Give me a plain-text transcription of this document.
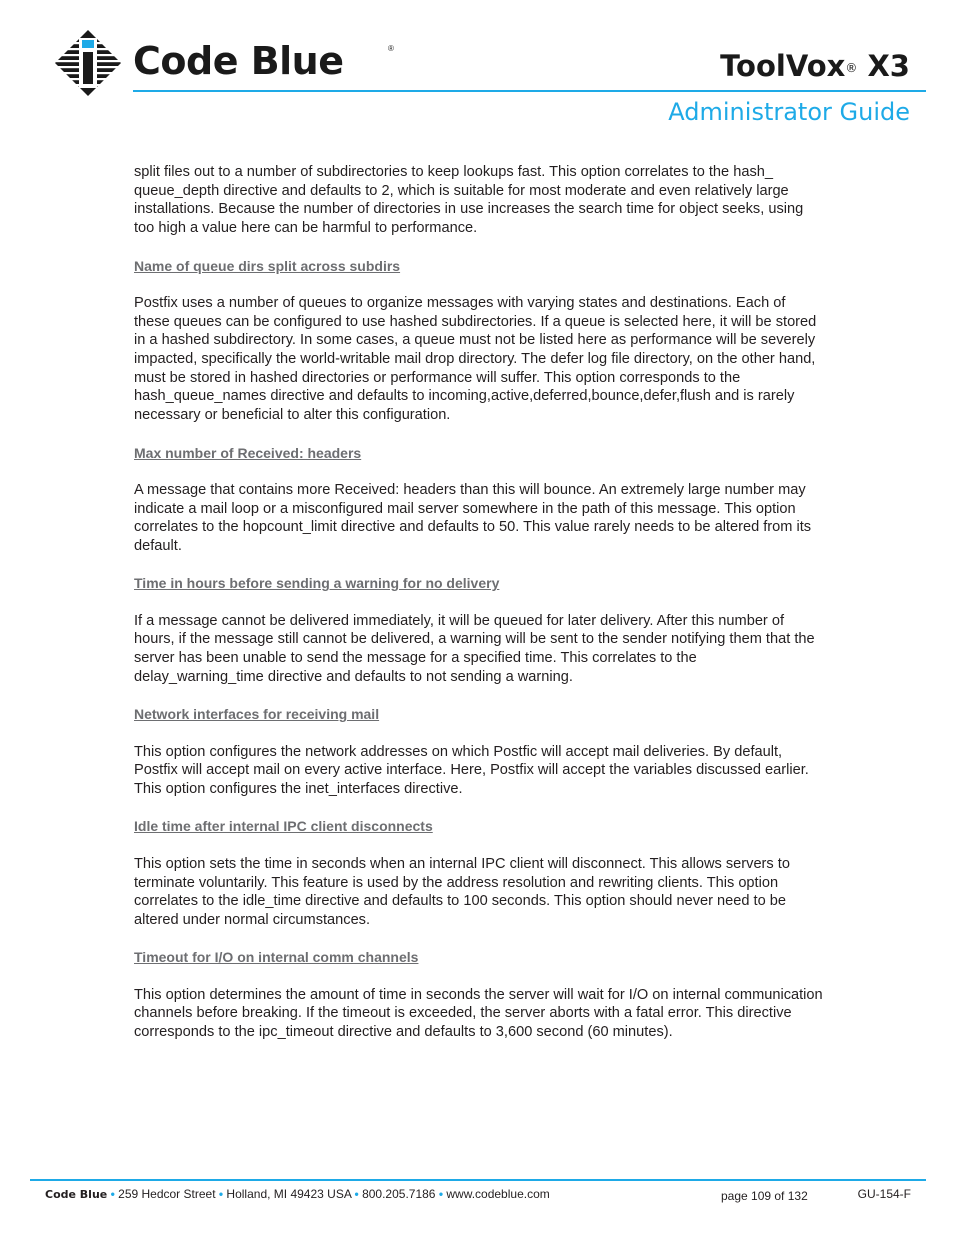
Code Blue	®
ToolVox® X3
Administrator Guide

split files out to a number of subdirectories to keep lookups fast. This option correlates to the hash_ queue_depth directive and defaults to 2, which is suitable for most moderate and even relatively large installations. Because the number of directories in use increases the search time for object seeks, using too high a value here can be harmful to performance.

Name of queue dirs split across subdirs

Postfix uses a number of queues to organize messages with varying states and destinations. Each of these queues can be configured to use hashed subdirectories. If a queue is selected here, it will be stored in a hashed subdirectory. In some cases, a queue must not be listed here as performance will be severely impacted, specifically the world-writable mail drop directory. The defer log file directory, on the other hand, must be stored in hashed directories or performance will suffer. This option corresponds to the hash_queue_names directive and defaults to incoming,active,deferred,bounce,defer,flush and is rarely necessary or beneficial to alter this configuration.

Max number of Received: headers

A message that contains more Received: headers than this will bounce. An extremely large number may indicate a mail loop or a misconfigured mail server somewhere in the path of this message. This option correlates to the hopcount_limit directive and defaults to 50. This value rarely needs to be altered from its default.

Time in hours before sending a warning for no delivery

If a message cannot be delivered immediately, it will be queued for later delivery. After this number of hours, if the message still cannot be delivered, a warning will be sent to the sender notifying them that the server has been unable to send the message for a specified time. This correlates to the delay_warning_time directive and defaults to not sending a warning.

Network interfaces for receiving mail

This option configures the network addresses on which Postfic will accept mail deliveries. By default, Postfix will accept mail on every active interface. Here, Postfix will accept the variables discussed earlier. This option configures the inet_interfaces directive.

Idle time after internal IPC client disconnects

This option sets the time in seconds when an internal IPC client will disconnect. This allows servers to terminate voluntarily. This feature is used by the address resolution and rewriting clients. This option correlates to the idle_time directive and defaults to 100 seconds. This option should never need to be altered under normal circumstances.

Timeout for I/O on internal comm channels

This option determines the amount of time in seconds the server will wait for I/O on internal communication channels before breaking. If the timeout is exceeded, the server aborts with a fatal error. This directive corresponds to the ipc_timeout directive and defaults to 3,600 second (60 minutes).

Code Blue • 259 Hedcor Street • Holland, MI 49423 USA • 800.205.7186 • www.codeblue.com	page 109 of 132	GU-154-F
